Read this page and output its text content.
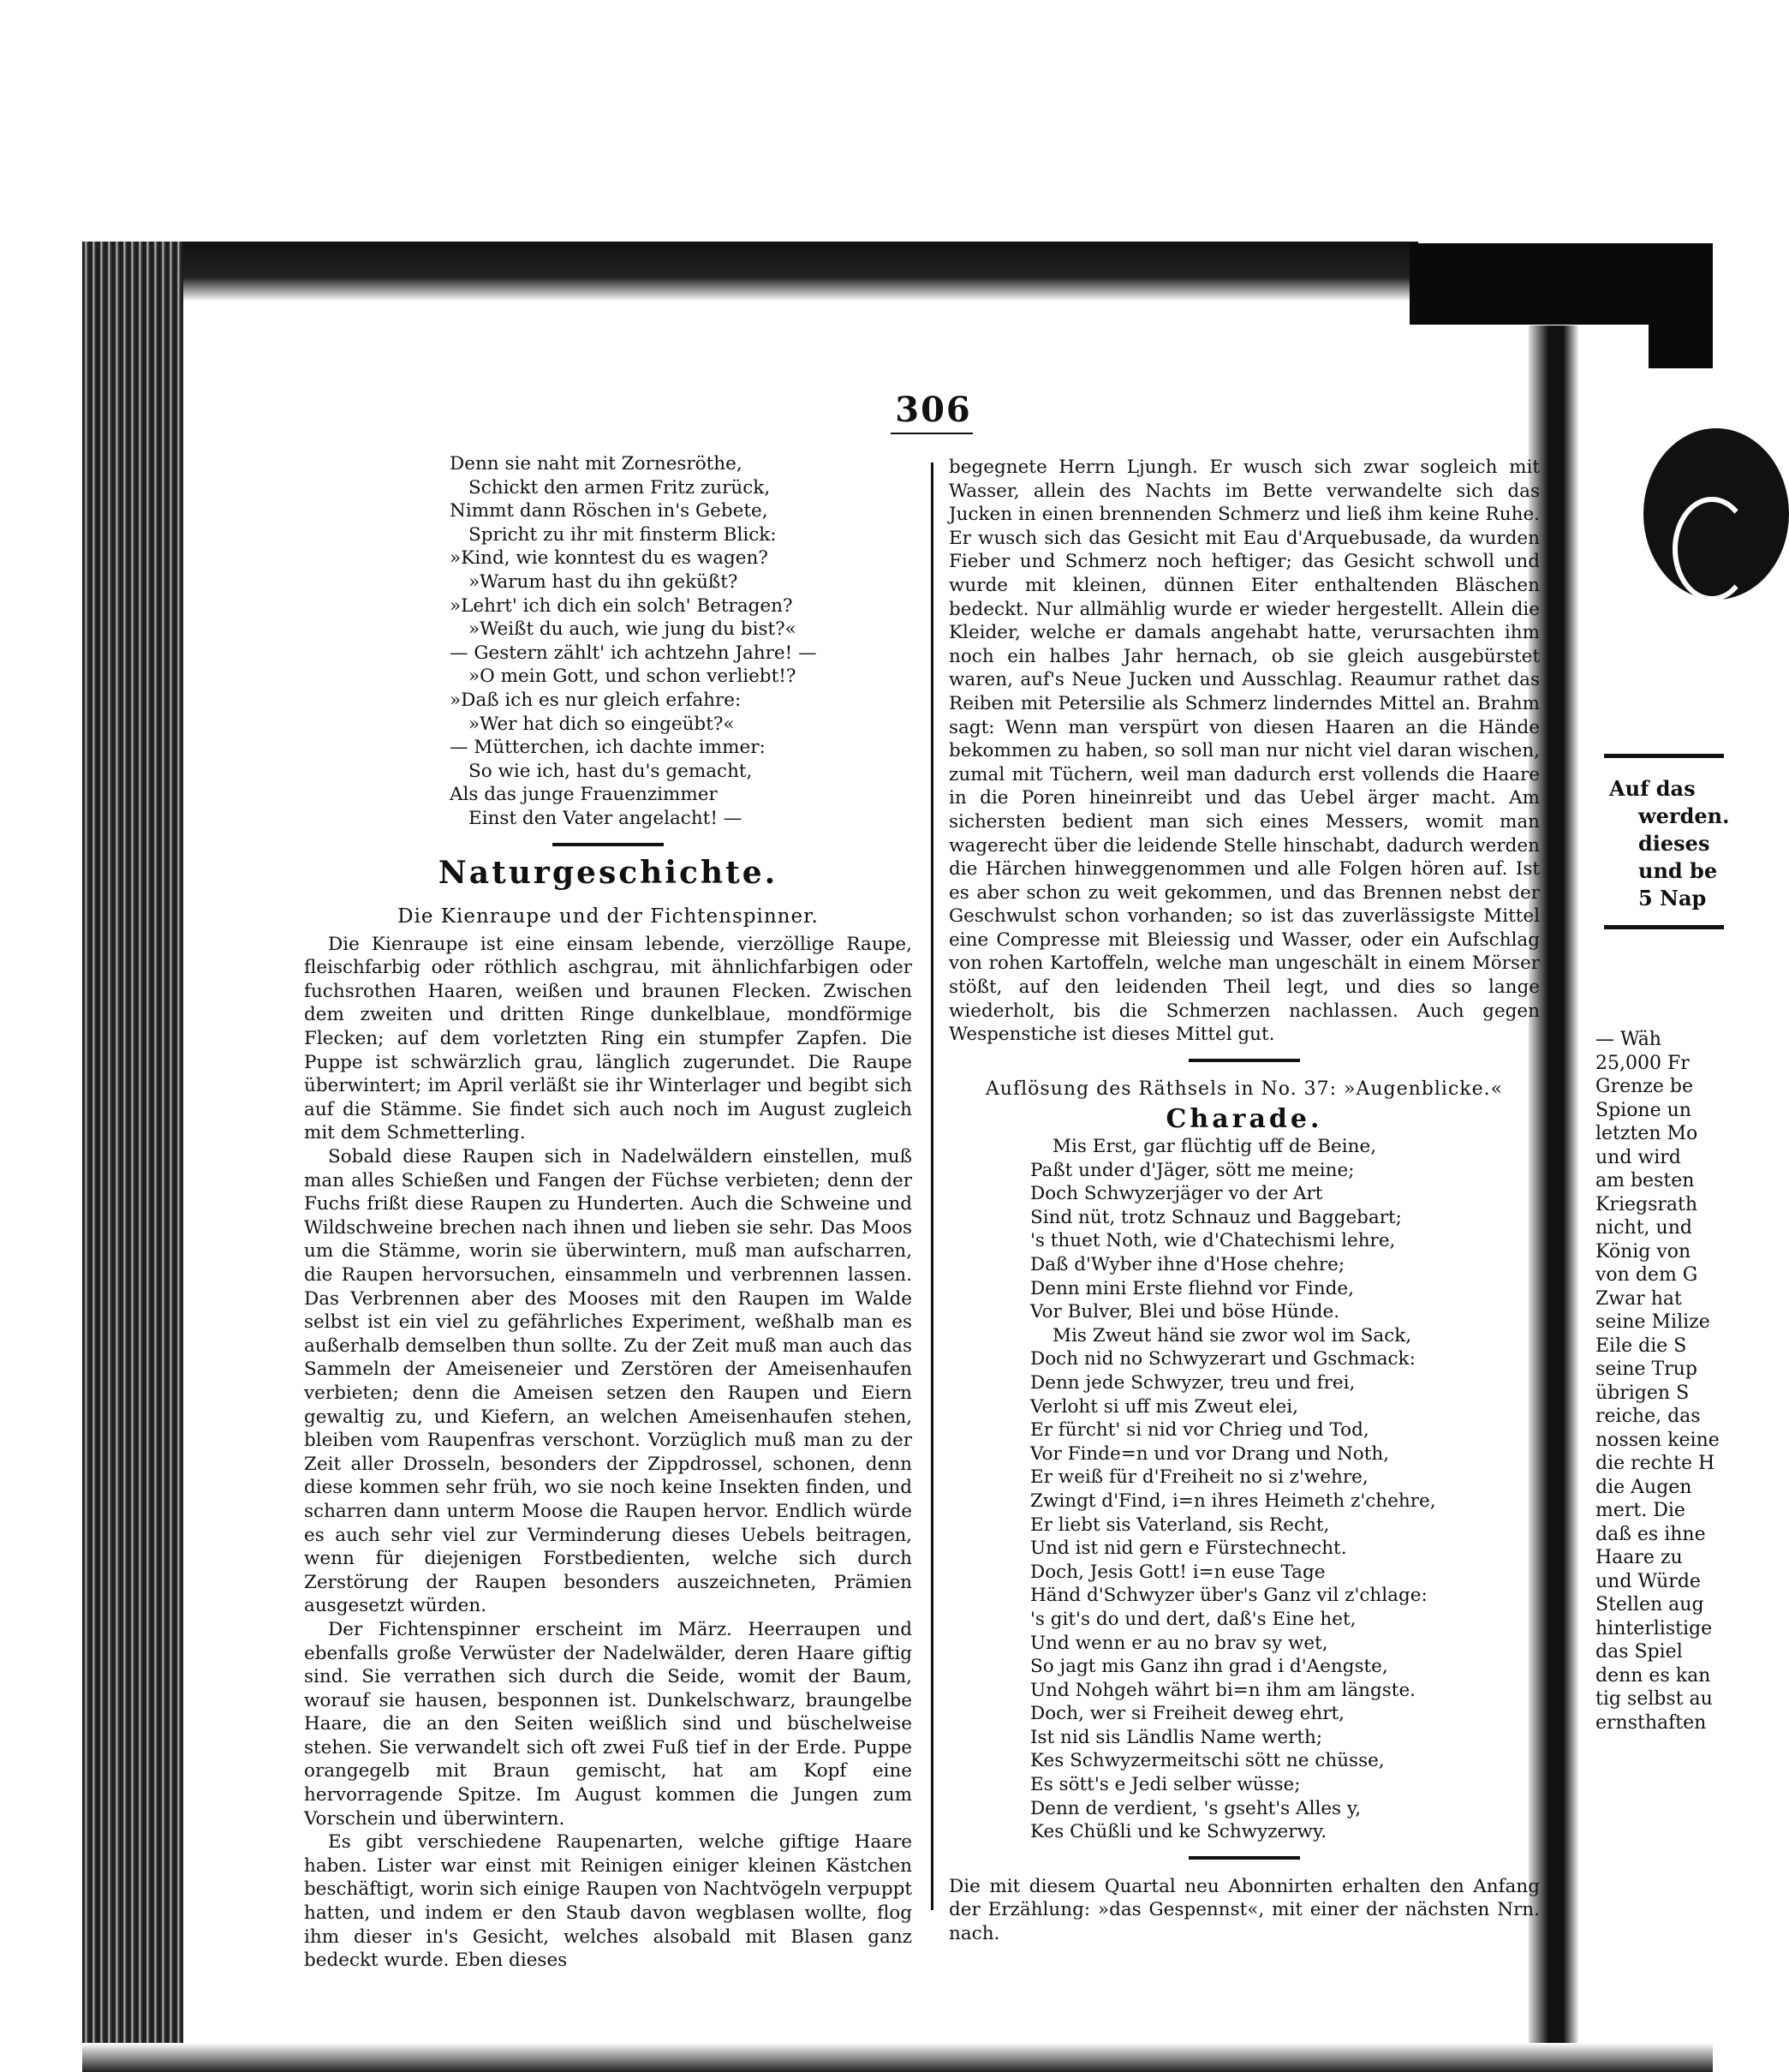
306
Denn sie naht mit Zornesröthe,
Schickt den armen Fritz zurück,
Nimmt dann Röschen in's Gebete,
Spricht zu ihr mit finsterm Blick:
»Kind, wie konntest du es wagen?
»Warum hast du ihn geküßt?
»Lehrt' ich dich ein solch' Betragen?
»Weißt du auch, wie jung du bist?«
— Gestern zählt' ich achtzehn Jahre! —
»O mein Gott, und schon verliebt!?
»Daß ich es nur gleich erfahre:
»Wer hat dich so eingeübt?«
— Mütterchen, ich dachte immer:
So wie ich, hast du's gemacht,
Als das junge Frauenzimmer
Einst den Vater angelacht! —
Naturgeschichte.
Die Kienraupe und der Fichtenspinner.

Die Kienraupe ist eine einsam lebende, vierzöllige Raupe, fleischfarbig oder röthlich aschgrau, mit ähnlichfarbigen oder fuchsrothen Haaren, weißen und braunen Flecken. Zwischen dem zweiten und dritten Ringe dunkelblaue, mondförmige Flecken; auf dem vorletzten Ring ein stumpfer Zapfen. Die Puppe ist schwärzlich grau, länglich zugerundet. Die Raupe überwintert; im April verläßt sie ihr Winterlager und begibt sich auf die Stämme. Sie findet sich auch noch im August zugleich mit dem Schmetterling.

Sobald diese Raupen sich in Nadelwäldern einstellen, muß man alles Schießen und Fangen der Füchse verbieten; denn der Fuchs frißt diese Raupen zu Hunderten. Auch die Schweine und Wildschweine brechen nach ihnen und lieben sie sehr. Das Moos um die Stämme, worin sie überwintern, muß man aufscharren, die Raupen hervorsuchen, einsammeln und verbrennen lassen. Das Verbrennen aber des Mooses mit den Raupen im Walde selbst ist ein viel zu gefährliches Experiment, weßhalb man es außerhalb demselben thun sollte. Zu der Zeit muß man auch das Sammeln der Ameiseneier und Zerstören der Ameisenhaufen verbieten; denn die Ameisen setzen den Raupen und Eiern gewaltig zu, und Kiefern, an welchen Ameisenhaufen stehen, bleiben vom Raupenfras verschont. Vorzüglich muß man zu der Zeit aller Drosseln, besonders der Zippdrossel, schonen, denn diese kommen sehr früh, wo sie noch keine Insekten finden, und scharren dann unterm Moose die Raupen hervor. Endlich würde es auch sehr viel zur Verminderung dieses Uebels beitragen, wenn für diejenigen Forstbedienten, welche sich durch Zerstörung der Raupen besonders auszeichneten, Prämien ausgesetzt würden.

Der Fichtenspinner erscheint im März. Heerraupen und ebenfalls große Verwüster der Nadelwälder, deren Haare giftig sind. Sie verrathen sich durch die Seide, womit der Baum, worauf sie hausen, besponnen ist. Dunkelschwarz, braungelbe Haare, die an den Seiten weißlich sind und büschelweise stehen. Sie verwandelt sich oft zwei Fuß tief in der Erde. Puppe orangegelb mit Braun gemischt, hat am Kopf eine hervorragende Spitze. Im August kommen die Jungen zum Vorschein und überwintern.

Es gibt verschiedene Raupenarten, welche giftige Haare haben. Lister war einst mit Reinigen einiger kleinen Kästchen beschäftigt, worin sich einige Raupen von Nachtvögeln verpuppt hatten, und indem er den Staub davon wegblasen wollte, flog ihm dieser in's Gesicht, welches alsobald mit Blasen ganz bedeckt wurde. Eben dieses

begegnete Herrn Ljungh. Er wusch sich zwar sogleich mit Wasser, allein des Nachts im Bette verwandelte sich das Jucken in einen brennenden Schmerz und ließ ihm keine Ruhe. Er wusch sich das Gesicht mit Eau d'Arquebusade, da wurden Fieber und Schmerz noch heftiger; das Gesicht schwoll und wurde mit kleinen, dünnen Eiter enthaltenden Bläschen bedeckt. Nur allmählig wurde er wieder hergestellt. Allein die Kleider, welche er damals angehabt hatte, verursachten ihm noch ein halbes Jahr hernach, ob sie gleich ausgebürstet waren, auf's Neue Jucken und Ausschlag. Reaumur rathet das Reiben mit Petersilie als Schmerz linderndes Mittel an. Brahm sagt: Wenn man verspürt von diesen Haaren an die Hände bekommen zu haben, so soll man nur nicht viel daran wischen, zumal mit Tüchern, weil man dadurch erst vollends die Haare in die Poren hineinreibt und das Uebel ärger macht. Am sichersten bedient man sich eines Messers, womit man wagerecht über die leidende Stelle hinschabt, dadurch werden die Härchen hinweggenommen und alle Folgen hören auf. Ist es aber schon zu weit gekommen, und das Brennen nebst der Geschwulst schon vorhanden; so ist das zuverlässigste Mittel eine Compresse mit Bleiessig und Wasser, oder ein Aufschlag von rohen Kartoffeln, welche man ungeschält in einem Mörser stößt, auf den leidenden Theil legt, und dies so lange wiederholt, bis die Schmerzen nachlassen. Auch gegen Wespenstiche ist dieses Mittel gut.

Auflösung des Räthsels in No. 37: »Augenblicke.«
Charade.
Mis Erst, gar flüchtig uff de Beine,
Paßt under d'Jäger, sött me meine;
Doch Schwyzerjäger vo der Art
Sind nüt, trotz Schnauz und Baggebart;
's thuet Noth, wie d'Chatechismi lehre,
Daß d'Wyber ihne d'Hose chehre;
Denn mini Erste fliehnd vor Finde,
Vor Bulver, Blei und böse Hünde.
Mis Zweut händ sie zwor wol im Sack,
Doch nid no Schwyzerart und Gschmack:
Denn jede Schwyzer, treu und frei,
Verloht si uff mis Zweut elei,
Er fürcht' si nid vor Chrieg und Tod,
Vor Finde=n und vor Drang und Noth,
Er weiß für d'Freiheit no si z'wehre,
Zwingt d'Find, i=n ihres Heimeth z'chehre,
Er liebt sis Vaterland, sis Recht,
Und ist nid gern e Fürstechnecht.
Doch, Jesis Gott! i=n euse Tage
Händ d'Schwyzer über's Ganz vil z'chlage:
's git's do und dert, daß's Eine het,
Und wenn er au no brav sy wet,
So jagt mis Ganz ihn grad i d'Aengste,
Und Nohgeh währt bi=n ihm am längste.
Doch, wer si Freiheit deweg ehrt,
Ist nid sis Ländlis Name werth;
Kes Schwyzermeitschi sött ne chüsse,
Es sött's e Jedi selber wüsse;
Denn de verdient, 's gseht's Alles y,
Kes Chüßli und ke Schwyzerwy.

Die mit diesem Quartal neu Abonnirten erhalten den Anfang der Erzählung: »das Gespennst«, mit einer der nächsten Nrn. nach.

Auf das
werden.
dieses
und be
5 Nap
— Wäh
25,000 Fr
Grenze be
Spione un
letzten Mo
und wird
am besten
Kriegsrath
nicht, und
König von
von dem G
Zwar hat
seine Milize
Eile die S
seine Trup
übrigen S
reiche, das
nossen keine
die rechte H
die Augen
mert. Die
daß es ihne
Haare zu
und Würde
Stellen aug
hinterlistige
das Spiel
denn es kan
tig selbst au
ernsthaften
